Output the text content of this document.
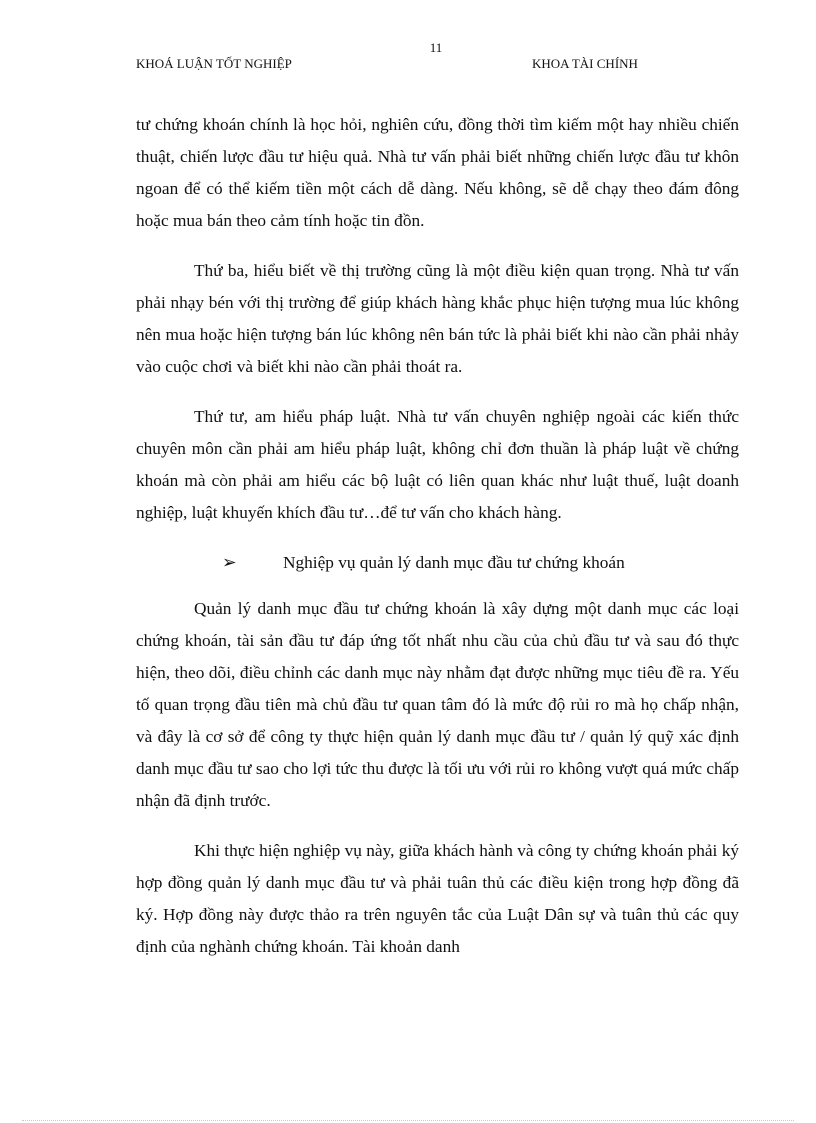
11
KHOÁ LUẬN TỐT NGHIỆP	KHOA TÀI CHÍNH

tư chứng khoán chính là học hỏi, nghiên cứu, đồng thời tìm kiếm một hay nhiều chiến thuật, chiến lược đầu tư hiệu quả. Nhà tư vấn phải biết những chiến lược đầu tư khôn ngoan để có thể kiếm tiền một cách dễ dàng. Nếu không, sẽ dễ chạy theo đám đông hoặc mua bán theo cảm tính hoặc tin đồn.

Thứ ba, hiểu biết về thị trường cũng là một điều kiện quan trọng. Nhà tư vấn phải nhạy bén với thị trường để giúp khách hàng khắc phục hiện tượng mua lúc không nên mua hoặc hiện tượng bán lúc không nên bán tức là phải biết khi nào cần phải nhảy vào cuộc chơi và biết khi nào cần phải thoát ra.

Thứ tư, am hiểu pháp luật. Nhà tư vấn chuyên nghiệp ngoài các kiến thức chuyên môn cần phải am hiểu pháp luật, không chỉ đơn thuần là pháp luật về chứng khoán mà còn phải am hiểu các bộ luật có liên quan khác như luật thuế, luật doanh nghiệp, luật khuyến khích đầu tư…để tư vấn cho khách hàng.

➢	Nghiệp vụ quản lý danh mục đầu tư chứng khoán

Quản lý danh mục đầu tư chứng khoán là xây dựng một danh mục các loại chứng khoán, tài sản đầu tư đáp ứng tốt nhất nhu cầu của chủ đầu tư và sau đó thực hiện, theo dõi, điều chỉnh các danh mục này nhằm đạt được những mục tiêu đề ra. Yếu tố quan trọng đầu tiên mà chủ đầu tư quan tâm đó là mức độ rủi ro mà họ chấp nhận, và đây là cơ sở để công ty thực hiện quản lý danh mục đầu tư / quản lý quỹ xác định danh mục đầu tư sao cho lợi tức thu được là tối ưu với rủi ro không vượt quá mức chấp nhận đã định trước.

Khi thực hiện nghiệp vụ này, giữa khách hành và công ty chứng khoán phải ký hợp đồng quản lý danh mục đầu tư và phải tuân thủ các điều kiện trong hợp đồng đã ký. Hợp đồng này được thảo ra trên nguyên tắc của Luật Dân sự và tuân thủ các quy định của nghành chứng khoán. Tài khoản danh
